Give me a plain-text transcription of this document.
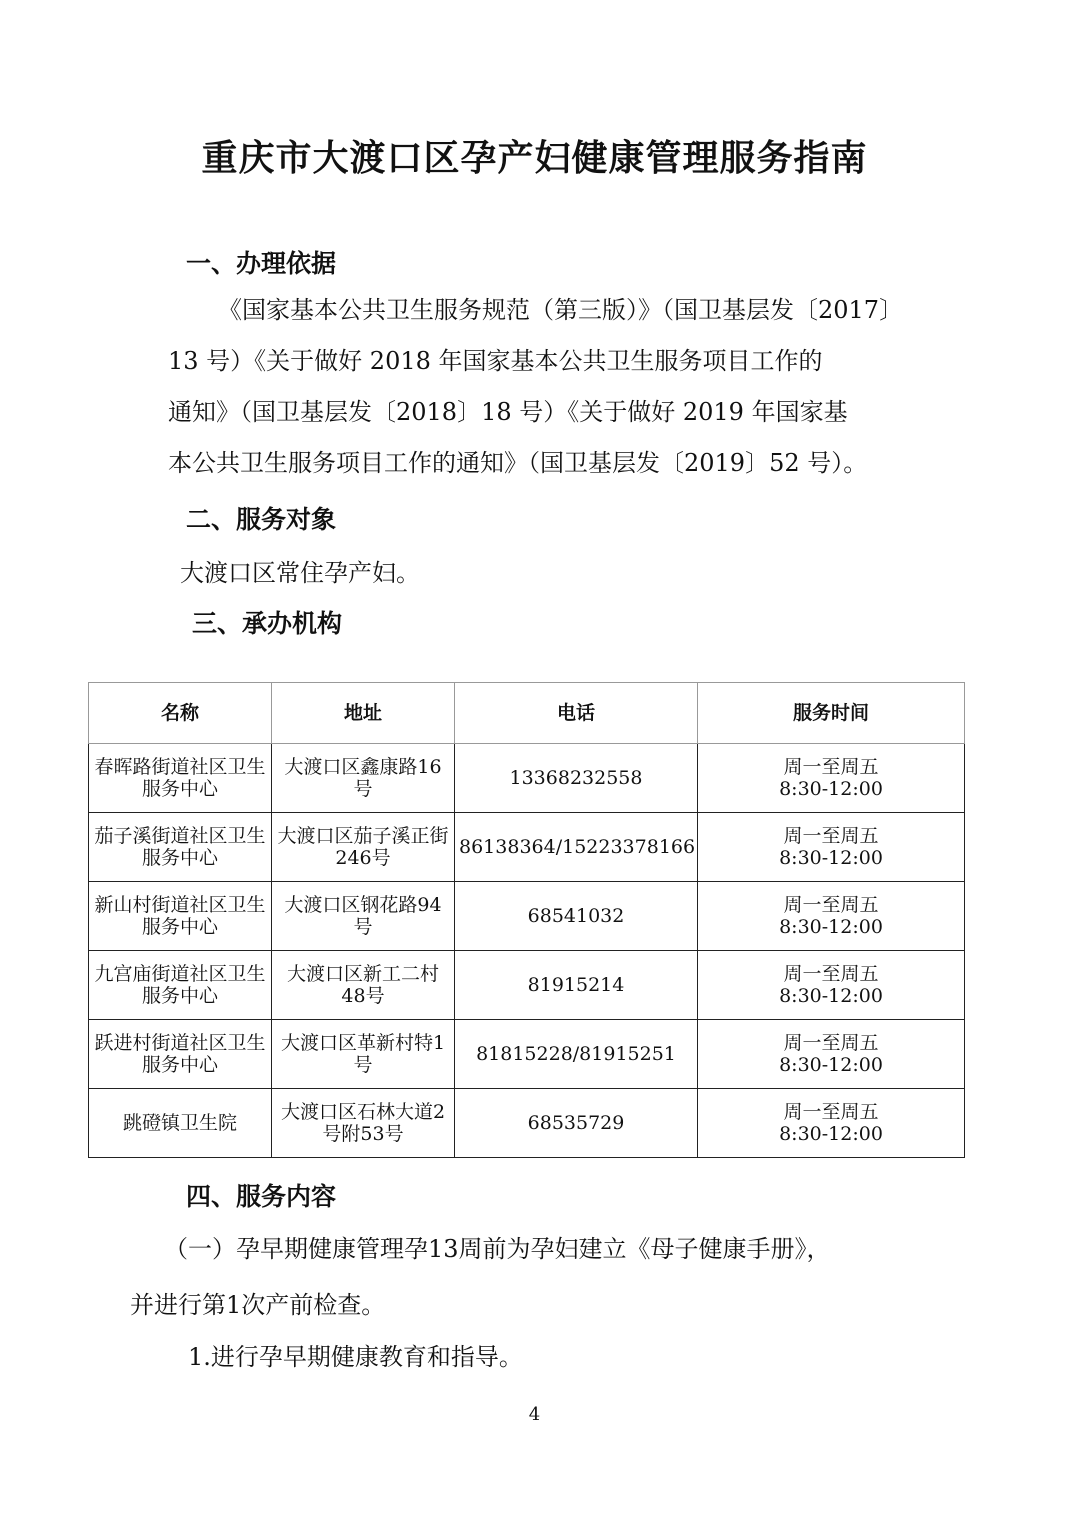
重庆市大渡口区孕产妇健康管理服务指南
一、办理依据
《国家基本公共卫生服务规范（第三版）》（国卫基层发〔2017〕
13 号）《关于做好 2018 年国家基本公共卫生服务项目工作的
通知》（国卫基层发〔2018〕18 号）《关于做好 2019 年国家基
本公共卫生服务项目工作的通知》（国卫基层发〔2019〕52 号）。
二、服务对象
大渡口区常住孕产妇。
三、承办机构
名称	地址	电话	服务时间
春晖路街道社区卫生服务中心	大渡口区鑫康路16号	13368232558	周一至周五
8:30-12:00

茄子溪街道社区卫生服务中心	大渡口区茄子溪正街246号	86138364/15223378166	周一至周五
8:30-12:00

新山村街道社区卫生服务中心	大渡口区钢花路94号	68541032	周一至周五
8:30-12:00

九宫庙街道社区卫生服务中心	大渡口区新工二村48号	81915214	周一至周五
8:30-12:00

跃进村街道社区卫生服务中心	大渡口区革新村特1号	81815228/81915251	周一至周五
8:30-12:00

跳磴镇卫生院	大渡口区石林大道2号附53号	68535729	周一至周五
8:30-12:00
四、服务内容
（一）孕早期健康管理孕13周前为孕妇建立《母子健康手册》，
并进行第1次产前检查。
1.进行孕早期健康教育和指导。
4
